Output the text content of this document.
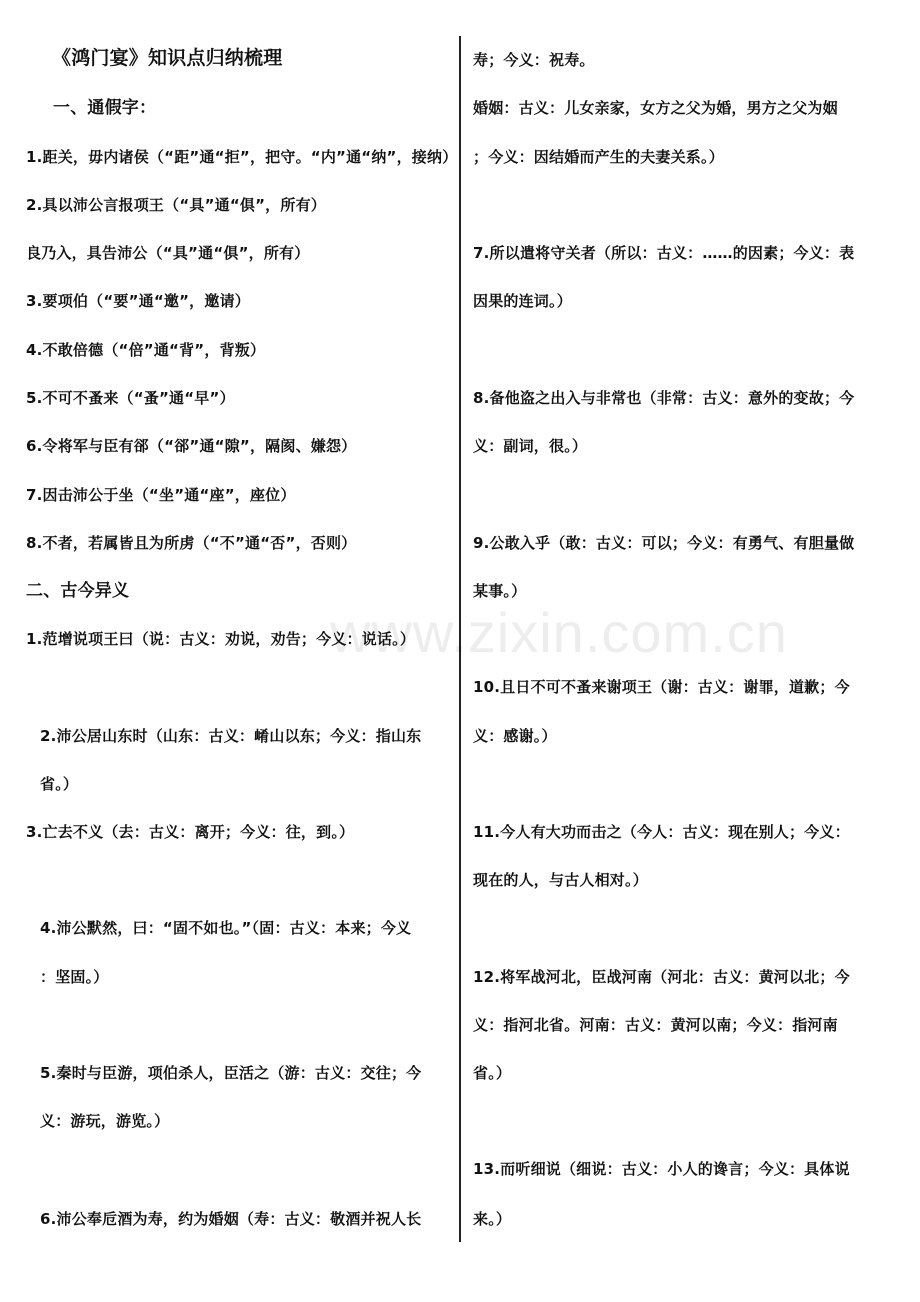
《鸿门宴》知识点归纳梳理
一、通假字：
1.距关，毋内诸侯（“距”通“拒”，把守。“内”通“纳”，接纳）
2.具以沛公言报项王（“具”通“俱”，所有）
良乃入，具告沛公（“具”通“俱”，所有）
3.要项伯（“要”通“邀”，邀请）
4.不敢倍德（“倍”通“背”，背叛）
5.不可不蚤来（“蚤”通“早”）
6.令将军与臣有郤（“郤”通“隙”，隔阂、嫌怨）
7.因击沛公于坐（“坐”通“座”，座位）
8.不者，若属皆且为所虏（“不”通“否”，否则）
二、古今异义
1.范增说项王曰（说：古义：劝说，劝告；今义：说话。）
2.沛公居山东时（山东：古义：崤山以东；今义：指山东
省。）
3.亡去不义（去：古义：离开；今义：往，到。）
4.沛公默然，曰：“固不如也。”（固：古义：本来；今义
：坚固。）
5.秦时与臣游，项伯杀人，臣活之（游：古义：交往；今
义：游玩，游览。）
6.沛公奉卮酒为寿，约为婚姻（寿：古义：敬酒并祝人长
寿；今义：祝寿。
婚姻：古义：儿女亲家，女方之父为婚，男方之父为姻
；今义：因结婚而产生的夫妻关系。）
7.所以遣将守关者（所以：古义：……的因素；今义：表
因果的连词。）
8.备他盗之出入与非常也（非常：古义：意外的变故；今
义：副词，很。）
9.公敢入乎（敢：古义：可以；今义：有勇气、有胆量做
某事。）
10.且日不可不蚤来谢项王（谢：古义：谢罪，道歉；今
义：感谢。）
11.今人有大功而击之（今人：古义：现在别人；今义：
现在的人，与古人相对。）
12.将军战河北，臣战河南（河北：古义：黄河以北；今
义：指河北省。河南：古义：黄河以南；今义：指河南
省。）
13.而听细说（细说：古义：小人的谗言；今义：具体说
来。）
www.zixin.com.cn
